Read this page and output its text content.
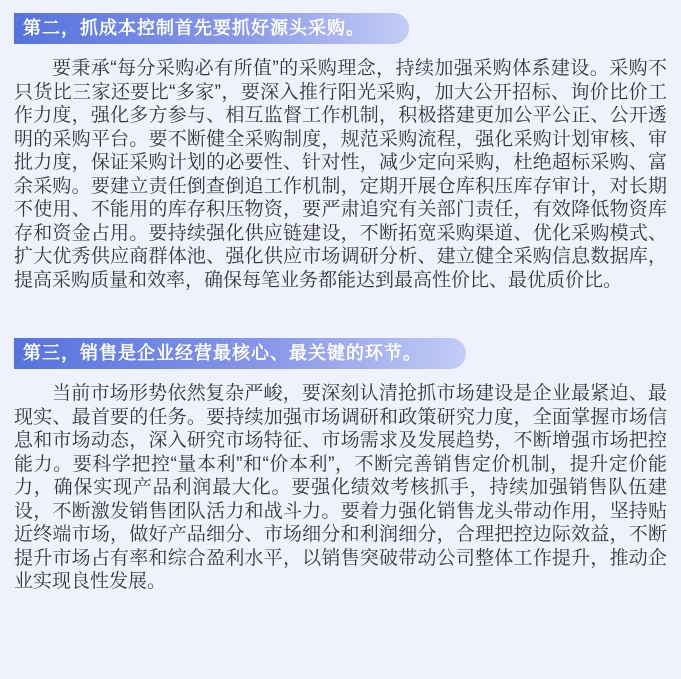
第二，抓成本控制首先要抓好源头采购。

要秉承“每分采购必有所值”的采购理念，持续加强采购体系建设。采购不只货比三家还要比“多家”，要深入推行阳光采购，加大公开招标、询价比价工作力度，强化多方参与、相互监督工作机制，积极搭建更加公平公正、公开透明的采购平台。要不断健全采购制度，规范采购流程，强化采购计划审核、审批力度，保证采购计划的必要性、针对性，减少定向采购，杜绝超标采购、富余采购。要建立责任倒查倒追工作机制，定期开展仓库积压库存审计，对长期不使用、不能用的库存积压物资，要严肃追究有关部门责任，有效降低物资库存和资金占用。要持续强化供应链建设，不断拓宽采购渠道、优化采购模式、扩大优秀供应商群体池、强化供应市场调研分析、建立健全采购信息数据库，提高采购质量和效率，确保每笔业务都能达到最高性价比、最优质价比。

第三，销售是企业经营最核心、最关键的环节。

当前市场形势依然复杂严峻，要深刻认清抢抓市场建设是企业最紧迫、最现实、最首要的任务。要持续加强市场调研和政策研究力度，全面掌握市场信息和市场动态，深入研究市场特征、市场需求及发展趋势，不断增强市场把控能力。要科学把控“量本利”和“价本利”，不断完善销售定价机制，提升定价能力，确保实现产品利润最大化。要强化绩效考核抓手，持续加强销售队伍建设，不断激发销售团队活力和战斗力。要着力强化销售龙头带动作用，坚持贴近终端市场，做好产品细分、市场细分和利润细分，合理把控边际效益，不断提升市场占有率和综合盈利水平，以销售突破带动公司整体工作提升，推动企业实现良性发展。
